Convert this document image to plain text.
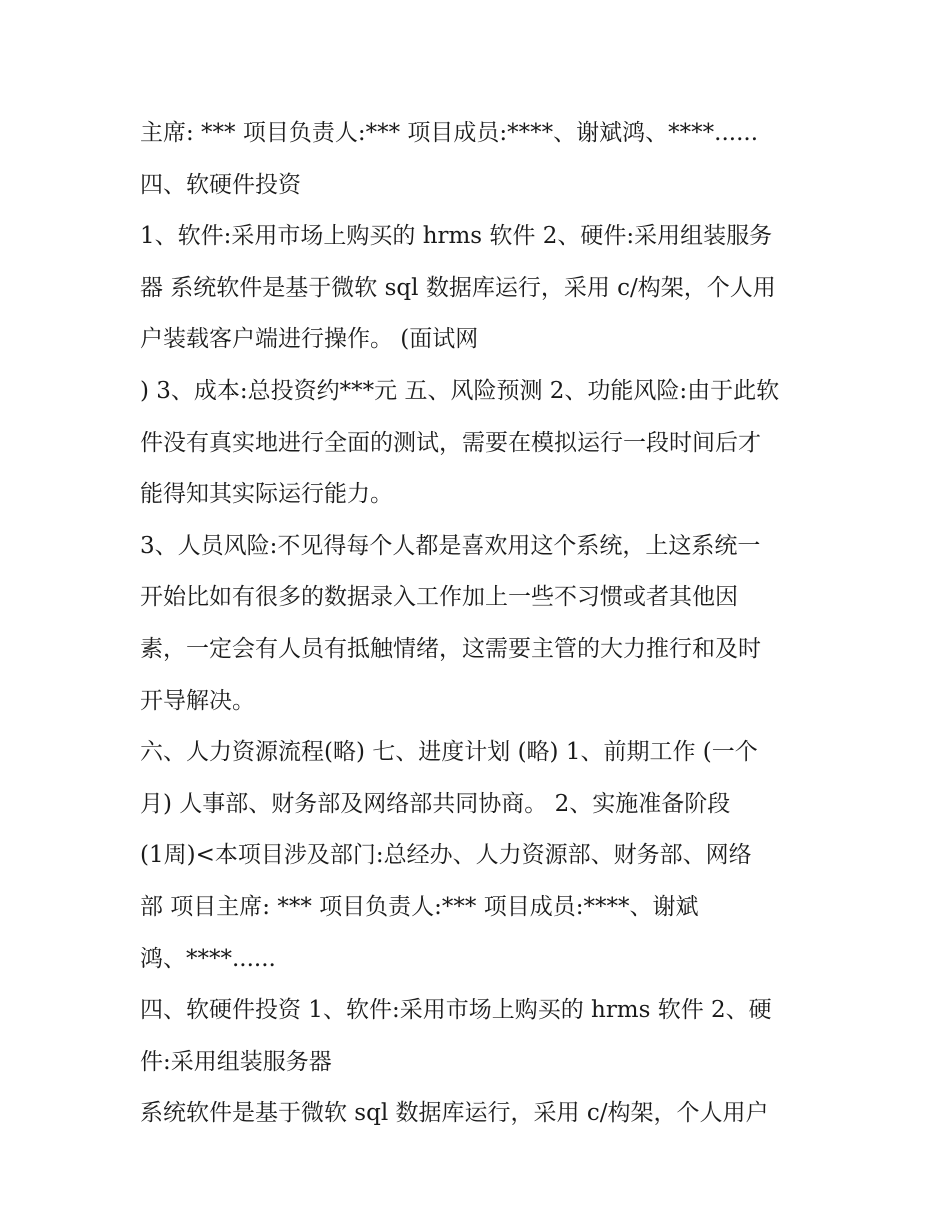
主席: *** 项目负责人:*** 项目成员:****、谢斌鸿、****......
四、软硬件投资
1、软件:采用市场上购买的 hrms 软件 2、硬件:采用组装服务
器 系统软件是基于微软 sql 数据库运行，采用 c/构架，个人用
户装载客户端进行操作。 (面试网
) 3、成本:总投资约***元 五、风险预测 2、功能风险:由于此软
件没有真实地进行全面的测试，需要在模拟运行一段时间后才
能得知其实际运行能力。
3、人员风险:不见得每个人都是喜欢用这个系统，上这系统一
开始比如有很多的数据录入工作加上一些不习惯或者其他因
素，一定会有人员有抵触情绪，这需要主管的大力推行和及时
开导解决。
六、人力资源流程(略) 七、进度计划 (略) 1、前期工作 (一个
月) 人事部、财务部及网络部共同协商。 2、实施准备阶段
(1周)<本项目涉及部门:总经办、人力资源部、财务部、网络
部 项目主席: *** 项目负责人:*** 项目成员:****、谢斌
鸿、****......
四、软硬件投资 1、软件:采用市场上购买的 hrms 软件 2、硬
件:采用组装服务器
系统软件是基于微软 sql 数据库运行，采用 c/构架，个人用户
